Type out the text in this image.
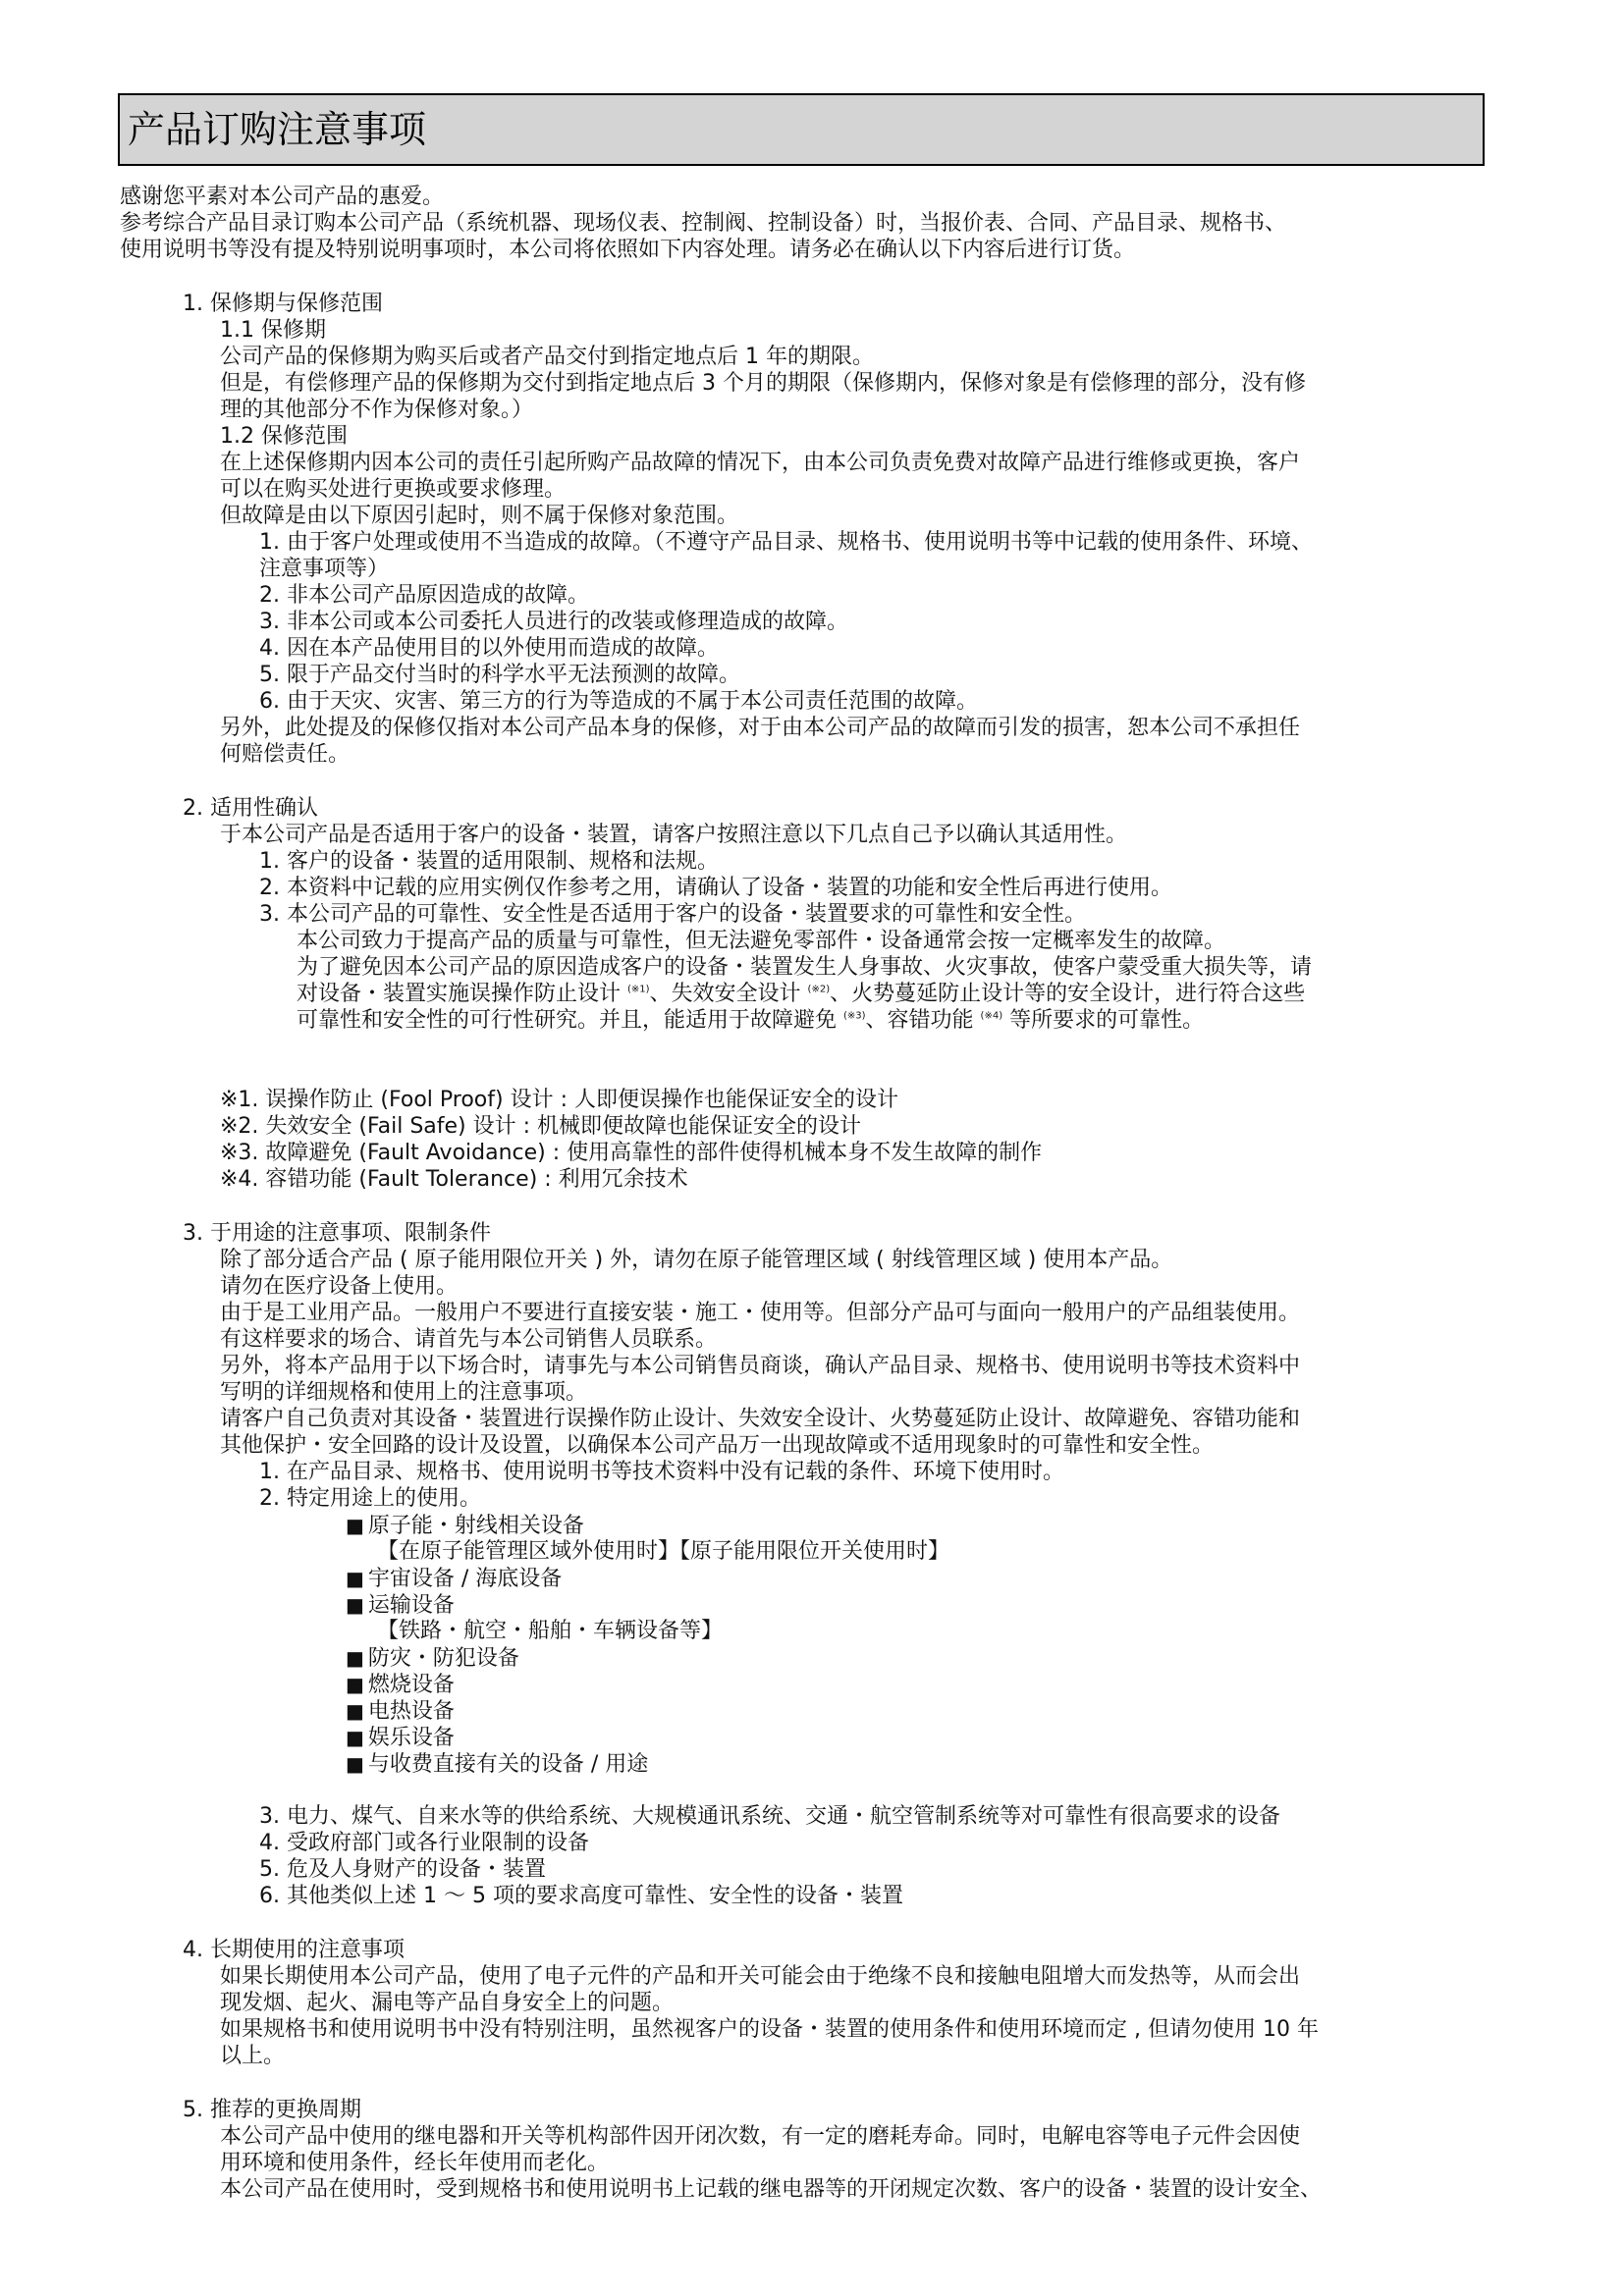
产品订购注意事项
感谢您平素对本公司产品的惠爱。
参考综合产品目录订购本公司产品（系统机器、现场仪表、控制阀、控制设备）时，当报价表、合同、产品目录、规格书、
使用说明书等没有提及特别说明事项时，本公司将依照如下内容处理。请务必在确认以下内容后进行订货。
1. 保修期与保修范围
1.1 保修期
公司产品的保修期为购买后或者产品交付到指定地点后 1 年的期限。
但是，有偿修理产品的保修期为交付到指定地点后 3 个月的期限（保修期内，保修对象是有偿修理的部分，没有修
理的其他部分不作为保修对象。）
1.2 保修范围
在上述保修期内因本公司的责任引起所购产品故障的情况下，由本公司负责免费对故障产品进行维修或更换，客户
可以在购买处进行更换或要求修理。
但故障是由以下原因引起时，则不属于保修对象范围。
1. 由于客户处理或使用不当造成的故障。（不遵守产品目录、规格书、使用说明书等中记载的使用条件、环境、
注意事项等）
2. 非本公司产品原因造成的故障。
3. 非本公司或本公司委托人员进行的改装或修理造成的故障。
4. 因在本产品使用目的以外使用而造成的故障。
5. 限于产品交付当时的科学水平无法预测的故障。
6. 由于天灾、灾害、第三方的行为等造成的不属于本公司责任范围的故障。
另外，此处提及的保修仅指对本公司产品本身的保修，对于由本公司产品的故障而引发的损害，恕本公司不承担任
何赔偿责任。
2. 适用性确认
于本公司产品是否适用于客户的设备・装置，请客户按照注意以下几点自己予以确认其适用性。
1. 客户的设备・装置的适用限制、规格和法规。
2. 本资料中记载的应用实例仅作参考之用，请确认了设备・装置的功能和安全性后再进行使用。
3. 本公司产品的可靠性、安全性是否适用于客户的设备・装置要求的可靠性和安全性。
本公司致力于提高产品的质量与可靠性，但无法避免零部件・设备通常会按一定概率发生的故障。
为了避免因本公司产品的原因造成客户的设备・装置发生人身事故、火灾事故，使客户蒙受重大损失等，请
对设备・装置实施误操作防止设计 $^{(※1)}$、失效安全设计 $^{(※2)}$、火势蔓延防止设计等的安全设计，进行符合这些
可靠性和安全性的可行性研究。并且，能适用于故障避免 $^{(※3)}$、容错功能 $^{(※4)}$ 等所要求的可靠性。
※1. 误操作防止 (Fool Proof) 设计 : 人即便误操作也能保证安全的设计
※2. 失效安全 (Fail Safe) 设计 : 机械即便故障也能保证安全的设计
※3. 故障避免 (Fault Avoidance) : 使用高靠性的部件使得机械本身不发生故障的制作
※4. 容错功能 (Fault Tolerance) : 利用冗余技术
3. 于用途的注意事项、限制条件
除了部分适合产品 ( 原子能用限位开关 ) 外，请勿在原子能管理区域 ( 射线管理区域 ) 使用本产品。
请勿在医疗设备上使用。
由于是工业用产品。一般用户不要进行直接安装・施工・使用等。但部分产品可与面向一般用户的产品组装使用。
有这样要求的场合、请首先与本公司销售人员联系。
另外，将本产品用于以下场合时，请事先与本公司销售员商谈，确认产品目录、规格书、使用说明书等技术资料中
写明的详细规格和使用上的注意事项。
请客户自己负责对其设备・装置进行误操作防止设计、失效安全设计、火势蔓延防止设计、故障避免、容错功能和
其他保护・安全回路的设计及设置，以确保本公司产品万一出现故障或不适用现象时的可靠性和安全性。
1. 在产品目录、规格书、使用说明书等技术资料中没有记载的条件、环境下使用时。
2. 特定用途上的使用。
■ 原子能・射线相关设备
【在原子能管理区域外使用时】【原子能用限位开关使用时】
■ 宇宙设备 / 海底设备
■ 运输设备
【铁路・航空・船舶・车辆设备等】
■ 防灾・防犯设备
■ 燃烧设备
■ 电热设备
■ 娱乐设备
■ 与收费直接有关的设备 / 用途
3. 电力、煤气、自来水等的供给系统、大规模通讯系统、交通・航空管制系统等对可靠性有很高要求的设备
4. 受政府部门或各行业限制的设备
5. 危及人身财产的设备・装置
6. 其他类似上述 1 ～ 5 项的要求高度可靠性、安全性的设备・装置
4. 长期使用的注意事项
如果长期使用本公司产品，使用了电子元件的产品和开关可能会由于绝缘不良和接触电阻增大而发热等，从而会出
现发烟、起火、漏电等产品自身安全上的问题。
如果规格书和使用说明书中没有特别注明，虽然视客户的设备・装置的使用条件和使用环境而定 , 但请勿使用 10 年
以上。
5. 推荐的更换周期
本公司产品中使用的继电器和开关等机构部件因开闭次数，有一定的磨耗寿命。同时，电解电容等电子元件会因使
用环境和使用条件，经长年使用而老化。
本公司产品在使用时，受到规格书和使用说明书上记载的继电器等的开闭规定次数、客户的设备・装置的设计安全、
